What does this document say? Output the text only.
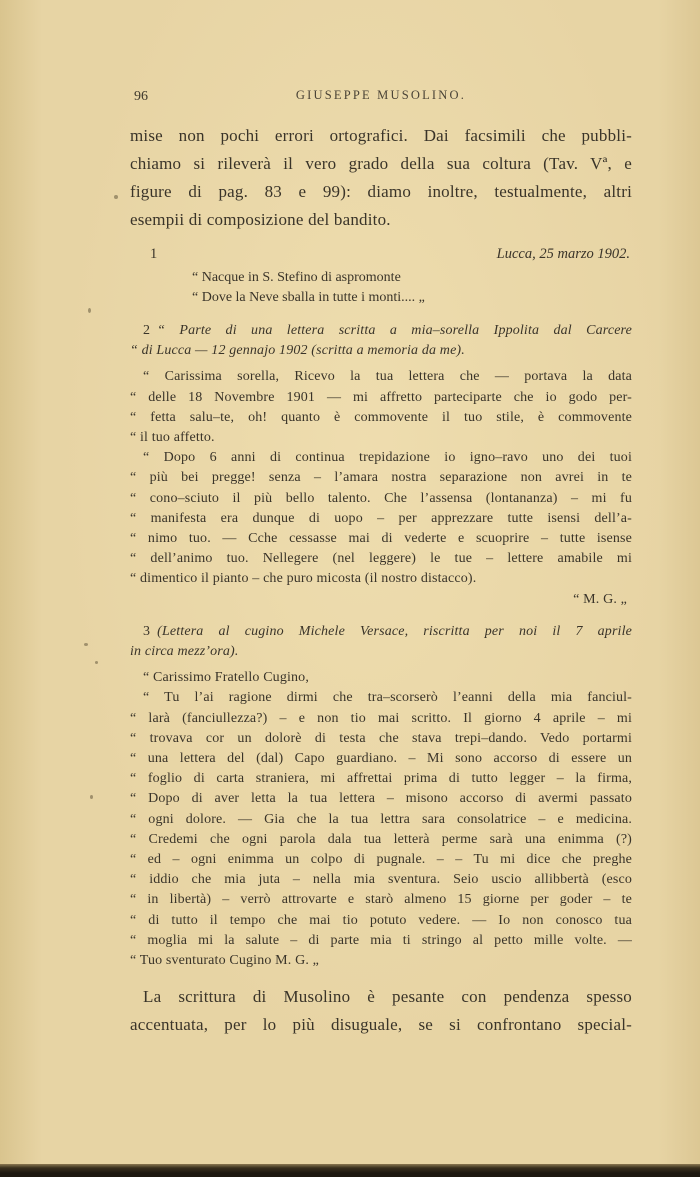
96	GIUSEPPE MUSOLINO.
mise non pochi errori ortografici. Dai facsimili che pubbli-
chiamo si rileverà il vero grado della sua coltura (Tav. Vª, e
figure di pag. 83 e 99): diamo inoltre, testualmente, altri
esempii di composizione del bandito.
1	Lucca, 25 marzo 1902.
“ Nacque in S. Stefino di aspromonte
“ Dove la Neve sballa in tutte i monti.... „
2 “ Parte di una lettera scritta a mia–sorella Ippolita dal Carcere
“ di Lucca — 12 gennajo 1902 (scritta a memoria da me).
“ Carissima sorella, Ricevo la tua lettera che — portava la data
“ delle 18 Novembre 1901 — mi affretto parteciparte che io godo per-
“ fetta salu–te, oh! quanto è commovente il tuo stile, è commovente
“ il tuo affetto.
“ Dopo 6 anni di continua trepidazione io igno–ravo uno dei tuoi
“ più bei pregge! senza – l’amara nostra separazione non avrei in te
“ cono–sciuto il più bello talento. Che l’assensa (lontananza) – mi fu
“ manifesta era dunque di uopo – per apprezzare tutte isensi dell’a-
“ nimo tuo. — Cche cessasse mai di vederte e scuoprire – tutte isense
“ dell’animo tuo. Nellegere (nel leggere) le tue – lettere amabile mi
“ dimentico il pianto – che puro micosta (il nostro distacco).
“ M. G. „
3 (Lettera al cugino Michele Versace, riscritta per noi il 7 aprile
in circa mezz’ora).
“ Carissimo Fratello Cugino,
“ Tu l’ai ragione dirmi che tra–scorserò l’eanni della mia fanciul-
“ larà (fanciullezza?) – e non tio mai scritto. Il giorno 4 aprile – mi
“ trovava cor un dolorè di testa che stava trepi–dando. Vedo portarmi
“ una lettera del (dal) Capo guardiano. – Mi sono accorso di essere un
“ foglio di carta straniera, mi affrettai prima di tutto legger – la firma,
“ Dopo di aver letta la tua lettera – misono accorso di avermi passato
“ ogni dolore. — Gia che la tua lettra sara consolatrice – e medicina.
“ Credemi che ogni parola dala tua letterà perme sarà una enimma (?)
“ ed – ogni enimma un colpo di pugnale. – – Tu mi dice che preghe
“ iddio che mia juta – nella mia sventura. Seio uscio allibbertà (esco
“ in libertà) – verrò attrovarte e starò almeno 15 giorne per goder – te
“ di tutto il tempo che mai tio potuto vedere. — Io non conosco tua
“ moglia mi la salute – di parte mia ti stringo al petto mille volte. —
“ Tuo sventurato Cugino M. G. „
La scrittura di Musolino è pesante con pendenza spesso
accentuata, per lo più disuguale, se si confrontano special-
